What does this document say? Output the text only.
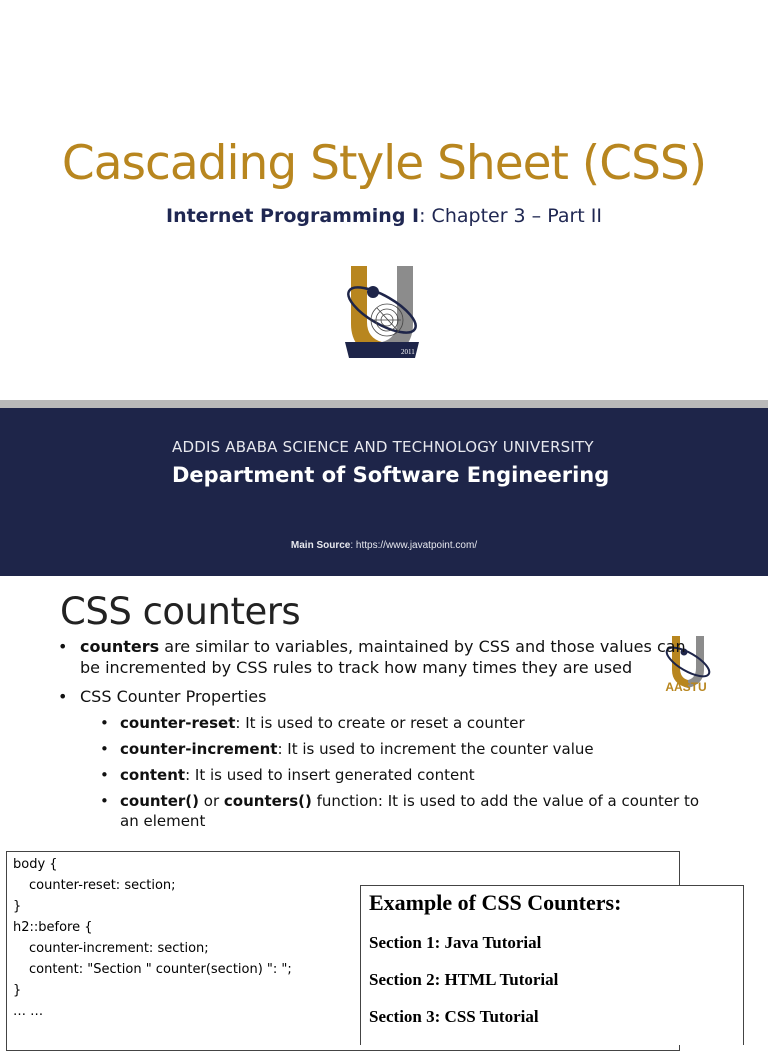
Cascading Style Sheet (CSS)
Internet Programming I: Chapter 3 – Part II
2011
ADDIS ABABA SCIENCE AND TECHNOLOGY UNIVERSITY
Department of Software Engineering
Main Source: https://www.javatpoint.com/
CSS counters
AASTU
• counters are similar to variables, maintained by CSS and those values can be incremented by CSS rules to track how many times they are used
• CSS Counter Properties
• counter-reset: It is used to create or reset a counter
• counter-increment: It is used to increment the counter value
• content: It is used to insert generated content
• counter() or counters() function: It is used to add the value of a counter to an element
body {
counter-reset: section;
}
h2::before {
counter-increment: section;
content: "Section " counter(section) ": ";
}
… …
Example of CSS Counters:
Section 1: Java Tutorial
Section 2: HTML Tutorial
Section 3: CSS Tutorial
